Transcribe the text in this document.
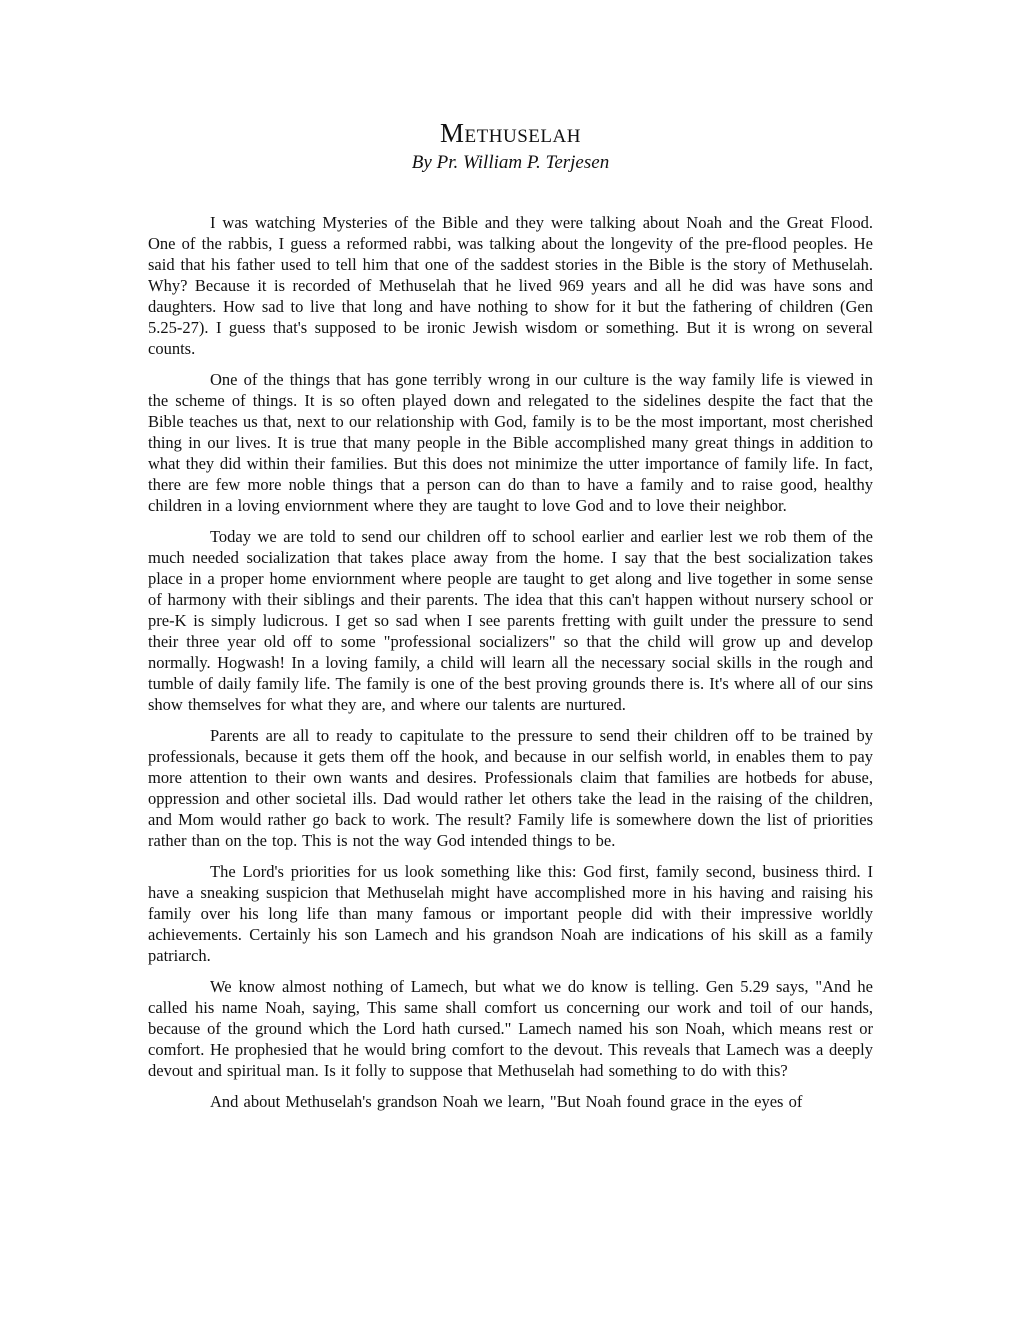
Methuselah
By Pr. William P. Terjesen

I was watching Mysteries of the Bible and they were talking about Noah and the Great Flood. One of the rabbis, I guess a reformed rabbi, was talking about the longevity of the pre-flood peoples. He said that his father used to tell him that one of the saddest stories in the Bible is the story of Methuselah. Why? Because it is recorded of Methuselah that he lived 969 years and all he did was have sons and daughters. How sad to live that long and have nothing to show for it but the fathering of children (Gen 5.25-27). I guess that's supposed to be ironic Jewish wisdom or something. But it is wrong on several counts.

One of the things that has gone terribly wrong in our culture is the way family life is viewed in the scheme of things. It is so often played down and relegated to the sidelines despite the fact that the Bible teaches us that, next to our relationship with God, family is to be the most important, most cherished thing in our lives. It is true that many people in the Bible accomplished many great things in addition to what they did within their families. But this does not minimize the utter importance of family life. In fact, there are few more noble things that a person can do than to have a family and to raise good, healthy children in a loving enviornment where they are taught to love God and to love their neighbor.

Today we are told to send our children off to school earlier and earlier lest we rob them of the much needed socialization that takes place away from the home. I say that the best socialization takes place in a proper home enviornment where people are taught to get along and live together in some sense of harmony with their siblings and their parents. The idea that this can't happen without nursery school or pre-K is simply ludicrous. I get so sad when I see parents fretting with guilt under the pressure to send their three year old off to some "professional socializers" so that the child will grow up and develop normally. Hogwash! In a loving family, a child will learn all the necessary social skills in the rough and tumble of daily family life. The family is one of the best proving grounds there is. It's where all of our sins show themselves for what they are, and where our talents are nurtured.

Parents are all to ready to capitulate to the pressure to send their children off to be trained by professionals, because it gets them off the hook, and because in our selfish world, in enables them to pay more attention to their own wants and desires. Professionals claim that families are hotbeds for abuse, oppression and other societal ills. Dad would rather let others take the lead in the raising of the children, and Mom would rather go back to work. The result? Family life is somewhere down the list of priorities rather than on the top. This is not the way God intended things to be.

The Lord's priorities for us look something like this: God first, family second, business third. I have a sneaking suspicion that Methuselah might have accomplished more in his having and raising his family over his long life than many famous or important people did with their impressive worldly achievements. Certainly his son Lamech and his grandson Noah are indications of his skill as a family patriarch.

We know almost nothing of Lamech, but what we do know is telling. Gen 5.29 says, "And he called his name Noah, saying, This same shall comfort us concerning our work and toil of our hands, because of the ground which the Lord hath cursed." Lamech named his son Noah, which means rest or comfort. He prophesied that he would bring comfort to the devout. This reveals that Lamech was a deeply devout and spiritual man. Is it folly to suppose that Methuselah had something to do with this?

And about Methuselah's grandson Noah we learn, "But Noah found grace in the eyes of
